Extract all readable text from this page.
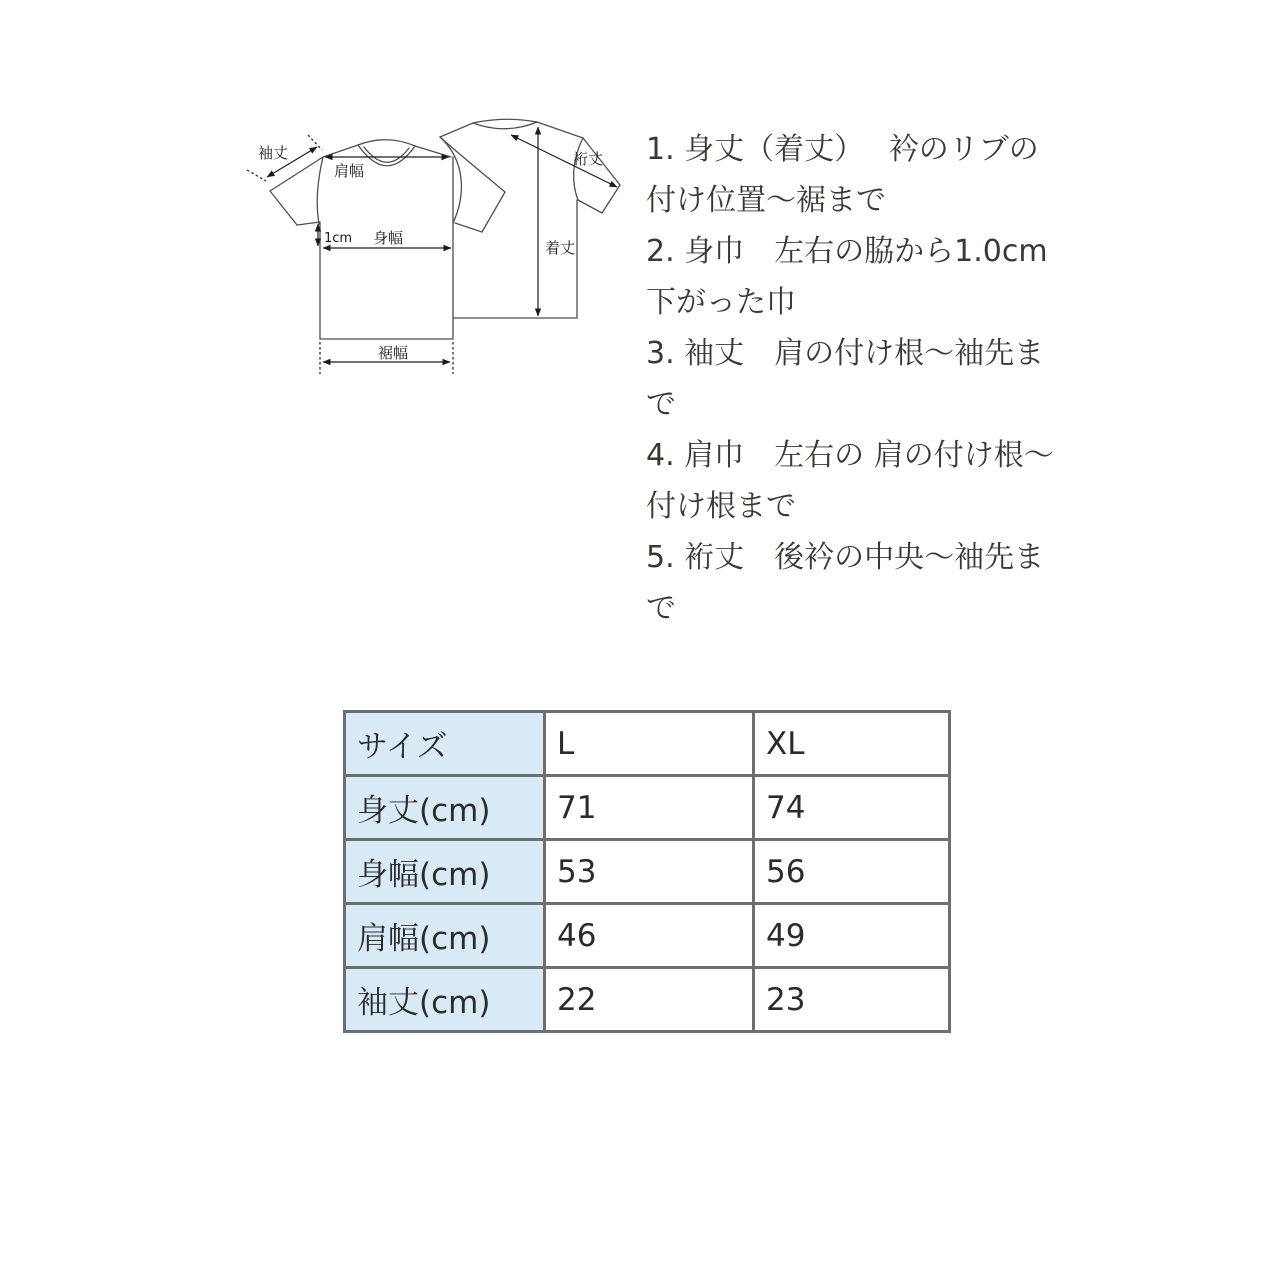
袖丈
肩幅
1cm 身幅
裾幅
裄丈
着丈
1. 身丈（着丈）　 衿のリブの
付け位置～裾まで
2. 身巾　左右の脇から1.0cm
下がった巾
3. 袖丈　肩の付け根～袖先ま
で
4. 肩巾　左右の 肩の付け根～
付け根まで
5. 裄丈　後衿の中央～袖先ま
で
サイズ	L	XL
身丈(cm)	71	74
身幅(cm)	53	56
肩幅(cm)	46	49
袖丈(cm)	22	23
